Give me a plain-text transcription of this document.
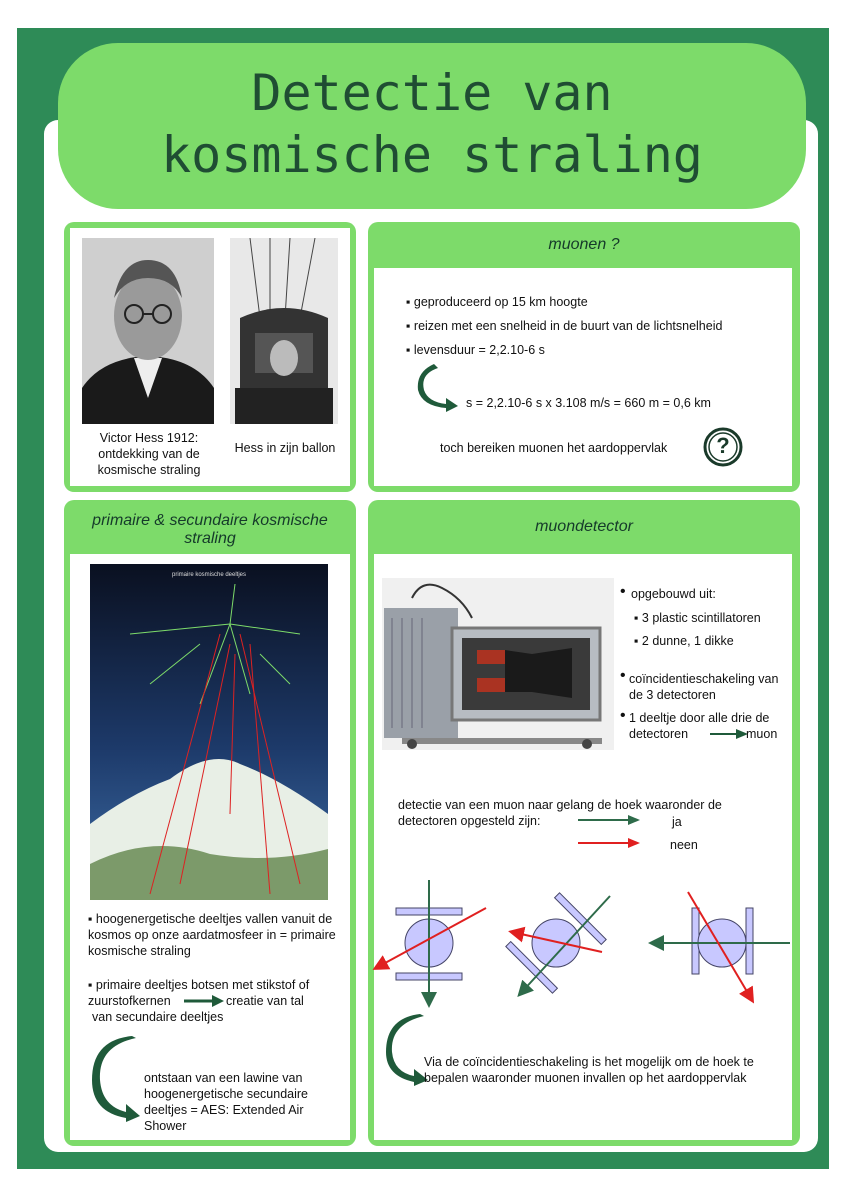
Detectie van
kosmische straling
Victor Hess 1912: ontdekking van de kosmische straling
Hess in zijn ballon
muonen ?
▪ geproduceerd op 15 km hoogte
▪ reizen met een snelheid in de buurt van de lichtsnelheid
▪ levensduur = 2,2.10-6 s
s = 2,2.10-6 s x 3.108 m/s = 660 m = 0,6 km
toch bereiken muonen het aardoppervlak	?
primaire & secundaire kosmische straling
primaire kosmische deeltjes
▪ hoogenergetische deeltjes vallen vanuit de kosmos op onze aardatmosfeer in = primaire kosmische straling
▪ primaire deeltjes botsen met stikstof of zuurstofkernen	creatie van tal van secundaire deeltjes
ontstaan van een lawine van hoogenergetische secundaire deeltjes = AES: Extended Air Shower
muondetector
• opgebouwd uit:
▪ 3 plastic scintillatoren
▪ 2 dunne, 1 dikke
• coïncidentieschakeling van de 3 detectoren
• 1 deeltje door alle drie de detectoren	muon
detectie van een muon naar gelang de hoek waaronder de detectoren opgesteld zijn:	ja
neen
Via de coïncidentieschakeling is het mogelijk om de hoek te bepalen waaronder muonen invallen op het aardoppervlak
